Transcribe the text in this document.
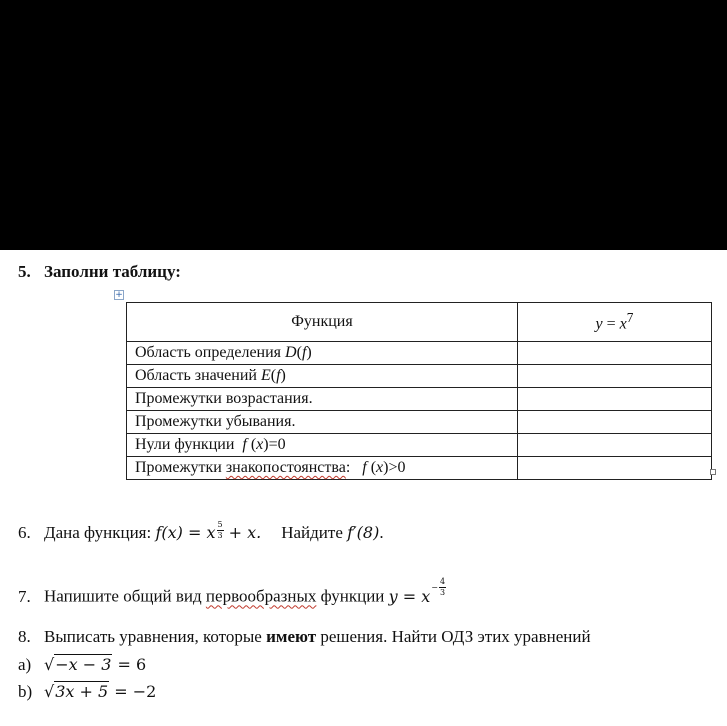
5. Заполни таблицу:
+
Функция	$y = x^7$
Область определения D(f)	
Область значений E(f)	
Промежутки возрастания.	
Промежутки убывания.	
Нули функции  f (x)=0	
Промежутки знакопостоянства:   f (x)>0	
6. Дана функция: f(x) = x $^{\frac{5}{3}}$ + x. Найдите f′(8).
7. Напишите общий вид первообразных функции y = x $^{- 4 3}$
8. Выписать уравнения, которые имеют решения. Найти ОДЗ этих уравнений
a) √−x − 3 = 6
b) √3x + 5 = −2
